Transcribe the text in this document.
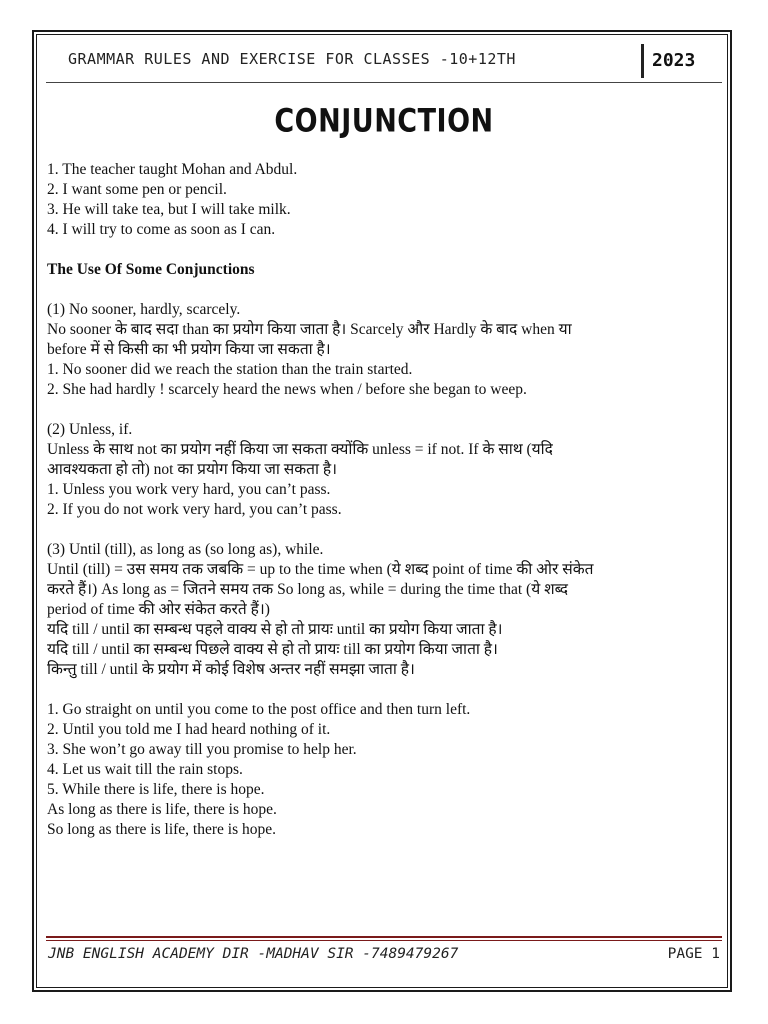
GRAMMAR RULES AND EXERCISE FOR CLASSES -10+12TH	2023
CONJUNCTION
1. The teacher taught Mohan and Abdul.
2. I want some pen or pencil.
3. He will take tea, but I will take milk.
4. I will try to come as soon as I can.
The Use Of Some Conjunctions
(1) No sooner, hardly, scarcely.
No sooner के बाद सदा than का प्रयोग किया जाता है। Scarcely और Hardly के बाद when या
before में से किसी का भी प्रयोग किया जा सकता है।
1. No sooner did we reach the station than the train started.
2. She had hardly ! scarcely heard the news when / before she began to weep.
(2) Unless, if.
Unless के साथ not का प्रयोग नहीं किया जा सकता क्योंकि unless = if not. If के साथ (यदि
आवश्यकता हो तो) not का प्रयोग किया जा सकता है।
1. Unless you work very hard, you can’t pass.
2. If you do not work very hard, you can’t pass.
(3) Until (till), as long as (so long as), while.
Until (till) = उस समय तक जबकि = up to the time when (ये शब्द point of time की ओर संकेत
करते हैं।) As long as = जितने समय तक So long as, while = during the time that (ये शब्द
period of time की ओर संकेत करते हैं।)
यदि till / until का सम्बन्ध पहले वाक्य से हो तो प्रायः until का प्रयोग किया जाता है।
यदि till / until का सम्बन्ध पिछले वाक्य से हो तो प्रायः till का प्रयोग किया जाता है।
किन्तु till / until के प्रयोग में कोई विशेष अन्तर नहीं समझा जाता है।
1. Go straight on until you come to the post office and then turn left.
2. Until you told me I had heard nothing of it.
3. She won’t go away till you promise to help her.
4. Let us wait till the rain stops.
5. While there is life, there is hope.
As long as there is life, there is hope.
So long as there is life, there is hope.
JNB ENGLISH ACADEMY DIR -MADHAV SIR -7489479267	PAGE 1
